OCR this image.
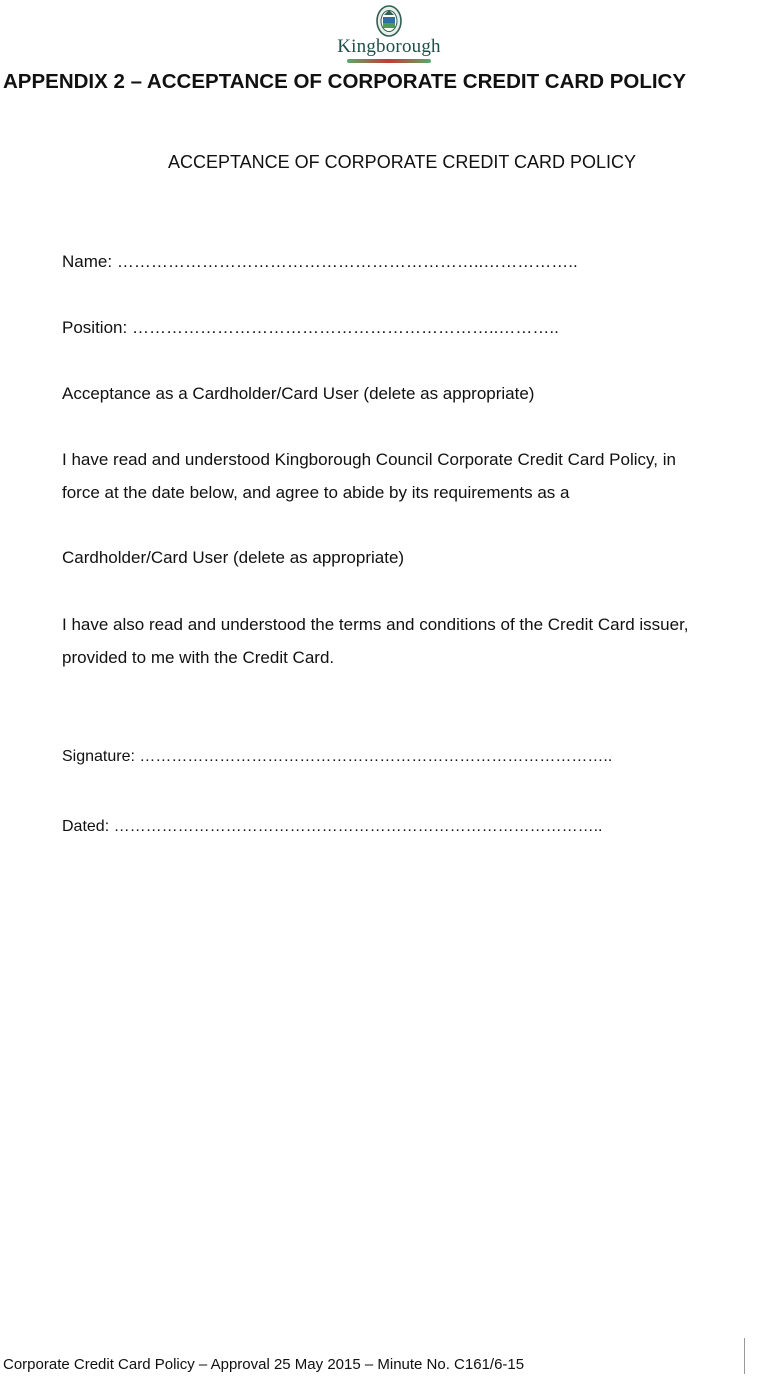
Kingborough
APPENDIX 2 – ACCEPTANCE OF CORPORATE CREDIT CARD POLICY
ACCEPTANCE OF CORPORATE CREDIT CARD POLICY
Name: ………………………………………………………..……………..
Position: ………………………………………………………..………..
Acceptance as a Cardholder/Card User (delete as appropriate)
I have read and understood Kingborough Council Corporate Credit Card Policy, in
force at the date below, and agree to abide by its requirements as a
Cardholder/Card User (delete as appropriate)
I have also read and understood the terms and conditions of the Credit Card issuer,
provided to me with the Credit Card.
Signature: ……………………………………………………………………………..
Dated: ………………………………………………………………………………..
Corporate Credit Card Policy – Approval 25 May 2015 – Minute No. C161/6-15
